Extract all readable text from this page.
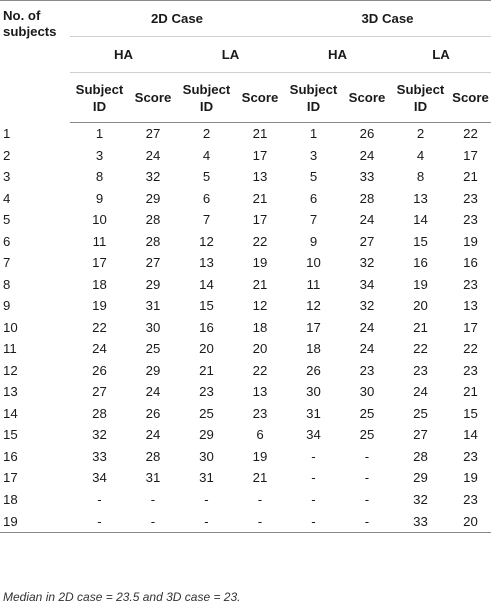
No. of subjects	2D Case				3D Case			
	HA		LA		HA		LA	
	Subject ID	Score	Subject ID	Score	Subject ID	Score	Subject ID	Score
1	1	27	2	21	1	26	2	22
2	3	24	4	17	3	24	4	17
3	8	32	5	13	5	33	8	21
4	9	29	6	21	6	28	13	23
5	10	28	7	17	7	24	14	23
6	11	28	12	22	9	27	15	19
7	17	27	13	19	10	32	16	16
8	18	29	14	21	11	34	19	23
9	19	31	15	12	12	32	20	13
10	22	30	16	18	17	24	21	17
11	24	25	20	20	18	24	22	22
12	26	29	21	22	26	23	23	23
13	27	24	23	13	30	30	24	21
14	28	26	25	23	31	25	25	15
15	32	24	29	6	34	25	27	14
16	33	28	30	19	-	-	28	23
17	34	31	31	21	-	-	29	19
18	-	-	-	-	-	-	32	23
19	-	-	-	-	-	-	33	20
Median in 2D case = 23.5 and 3D case = 23.
